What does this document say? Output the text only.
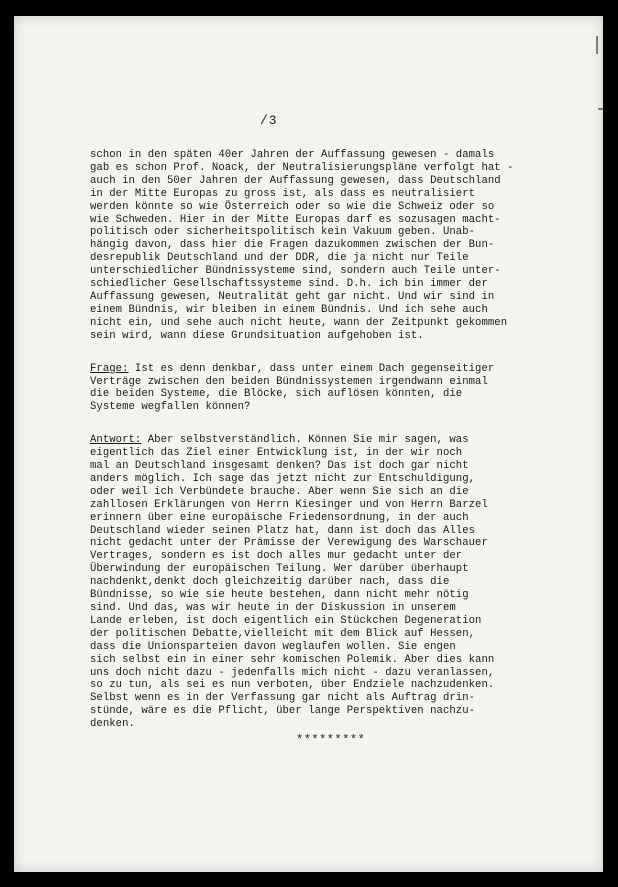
/3
schon in den späten 40er Jahren der Auffassung gewesen - damals
gab es schon Prof. Noack, der Neutralisierungspläne verfolgt hat -
auch in den 50er Jahren der Auffassung gewesen, dass Deutschland
in der Mitte Europas zu gross ist, als dass es neutralisiert
werden könnte so wie Österreich oder so wie die Schweiz oder so
wie Schweden. Hier in der Mitte Europas darf es sozusagen macht-
politisch oder sicherheitspolitisch kein Vakuum geben. Unab-
hängig davon, dass hier die Fragen dazukommen zwischen der Bun-
desrepublik Deutschland und der DDR, die ja nicht nur Teile
unterschiedlicher Bündnissysteme sind, sondern auch Teile unter-
schiedlicher Gesellschaftssysteme sind. D.h. ich bin immer der
Auffassung gewesen, Neutralität geht gar nicht. Und wir sind in
einem Bündnis, wir bleiben in einem Bündnis. Und ich sehe auch
nicht ein, und sehe auch nicht heute, wann der Zeitpunkt gekommen
sein wird, wann diese Grundsituation aufgehoben ist.
Frage: Ist es denn denkbar, dass unter einem Dach gegenseitiger
Verträge zwischen den beiden Bündnissystemen irgendwann einmal
die beiden Systeme, die Blöcke, sich auflösen könnten, die
Systeme wegfallen können?
Antwort: Aber selbstverständlich. Können Sie mir sagen, was
eigentlich das Ziel einer Entwicklung ist, in der wir noch
mal an Deutschland insgesamt denken? Das ist doch gar nicht
anders möglich. Ich sage das jetzt nicht zur Entschuldigung,
oder weil ich Verbündete brauche. Aber wenn Sie sich an die
zahllosen Erklärungen von Herrn Kiesinger und von Herrn Barzel
erinnern über eine europäische Friedensordnung, in der auch
Deutschland wieder seinen Platz hat, dann ist doch das Alles
nicht gedacht unter der Prämisse der Verewigung des Warschauer
Vertrages, sondern es ist doch alles mur gedacht unter der
Überwindung der europäischen Teilung. Wer darüber überhaupt
nachdenkt,denkt doch gleichzeitig darüber nach, dass die
Bündnisse, so wie sie heute bestehen, dann nicht mehr nötig
sind. Und das, was wir heute in der Diskussion in unserem
Lande erleben, ist doch eigentlich ein Stückchen Degeneration
der politischen Debatte,vielleicht mit dem Blick auf Hessen,
dass die Unionsparteien davon weglaufen wollen. Sie engen
sich selbst ein in einer sehr komischen Polemik. Aber dies kann
uns doch nicht dazu - jedenfalls mich nicht - dazu veranlassen,
so zu tun, als sei es nun verboten, über Endziele nachzudenken.
Selbst wenn es in der Verfassung gar nicht als Auftrag drin-
stünde, wäre es die Pflicht, über lange Perspektiven nachzu-
denken.
*********
